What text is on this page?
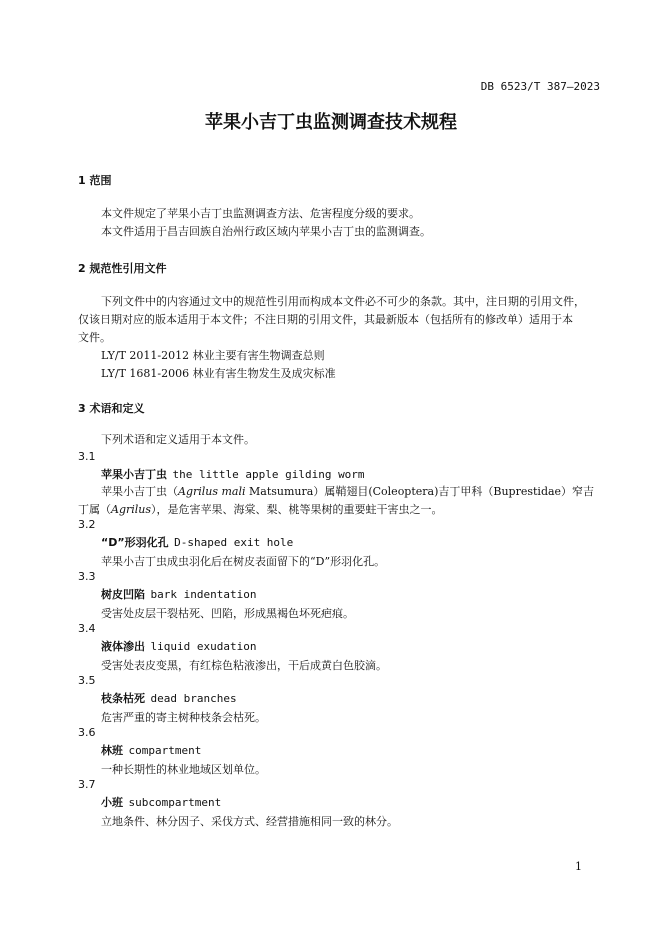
DB 6523/T 387—2023
苹果小吉丁虫监测调查技术规程
1 范围
本文件规定了苹果小吉丁虫监测调查方法、危害程度分级的要求。
本文件适用于昌吉回族自治州行政区域内苹果小吉丁虫的监测调查。
2 规范性引用文件
下列文件中的内容通过文中的规范性引用而构成本文件必不可少的条款。其中，注日期的引用文件，
仅该日期对应的版本适用于本文件；不注日期的引用文件，其最新版本（包括所有的修改单）适用于本
文件。
LY/T 2011-2012 林业主要有害生物调查总则
LY/T 1681-2006 林业有害生物发生及成灾标准
3 术语和定义
下列术语和定义适用于本文件。
3.1
苹果小吉丁虫 the little apple gilding worm
苹果小吉丁虫（Agrilus mali Matsumura）属鞘翅目(Coleoptera)吉丁甲科（Buprestidae）窄吉
丁属（Agrilus），是危害苹果、海棠、梨、桃等果树的重要蛀干害虫之一。
3.2
“D”形羽化孔 D-shaped exit hole
苹果小吉丁虫成虫羽化后在树皮表面留下的“D”形羽化孔。
3.3
树皮凹陷 bark indentation
受害处皮层干裂枯死、凹陷，形成黑褐色坏死疤痕。
3.4
液体渗出 liquid exudation
受害处表皮变黑，有红棕色粘液渗出，干后成黄白色胶滴。
3.5
枝条枯死 dead branches
危害严重的寄主树种枝条会枯死。
3.6
林班 compartment
一种长期性的林业地域区划单位。
3.7
小班 subcompartment
立地条件、林分因子、采伐方式、经营措施相同一致的林分。
1
